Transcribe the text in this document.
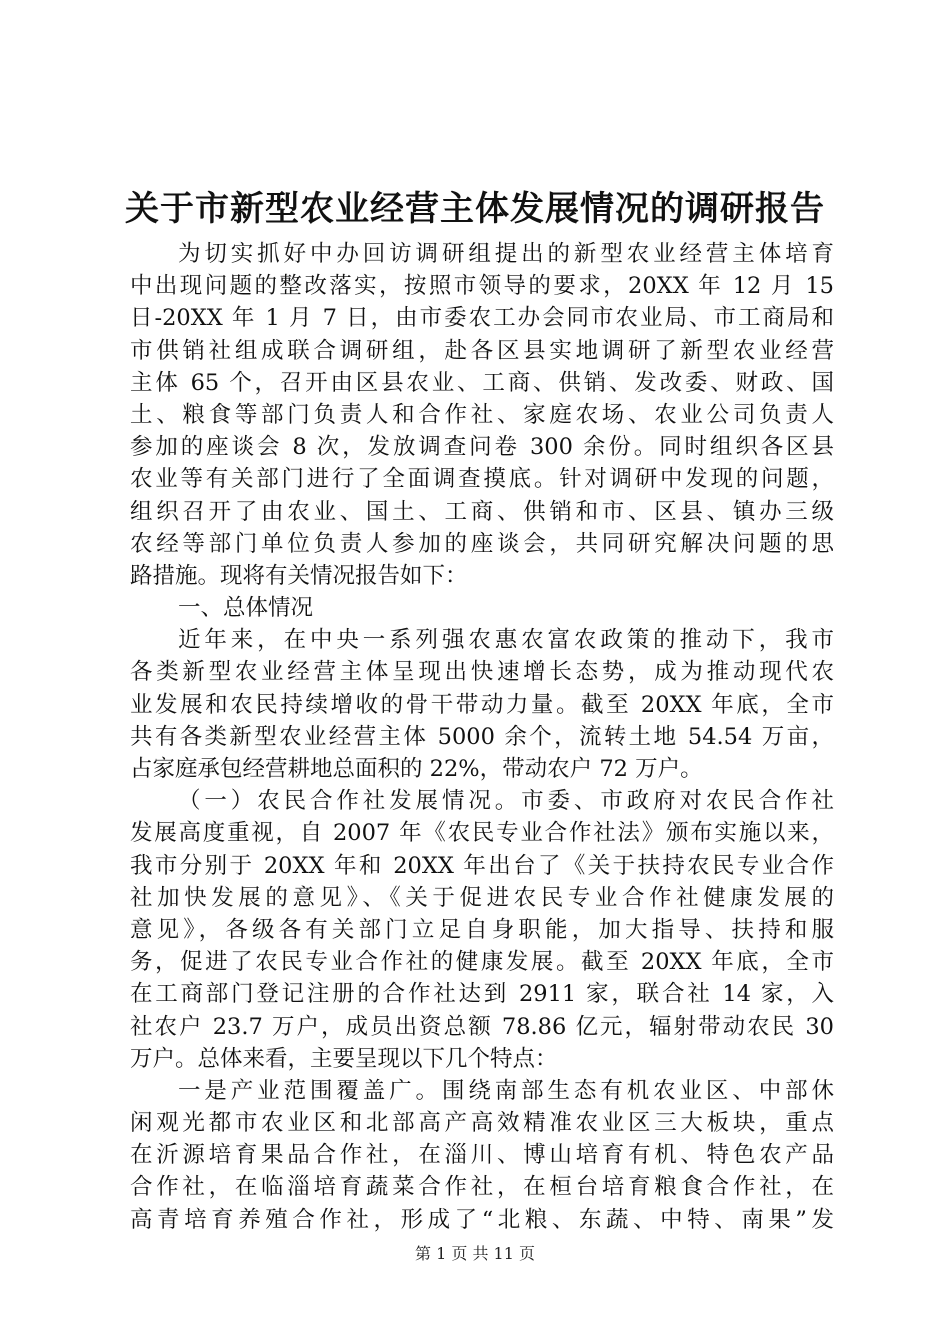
关于市新型农业经营主体发展情况的调研报告
为切实抓好中办回访调研组提出的新型农业经营主体培育
中出现问题的整改落实，按照市领导的要求，20XX 年 12 月 15
日-20XX 年 1 月 7 日，由市委农工办会同市农业局、市工商局和
市供销社组成联合调研组，赴各区县实地调研了新型农业经营
主体 65 个，召开由区县农业、工商、供销、发改委、财政、国
土、粮食等部门负责人和合作社、家庭农场、农业公司负责人
参加的座谈会 8 次，发放调查问卷 300 余份。同时组织各区县
农业等有关部门进行了全面调查摸底。针对调研中发现的问题，
组织召开了由农业、国土、工商、供销和市、区县、镇办三级
农经等部门单位负责人参加的座谈会，共同研究解决问题的思
路措施。现将有关情况报告如下：
一、总体情况
近年来，在中央一系列强农惠农富农政策的推动下，我市
各类新型农业经营主体呈现出快速增长态势，成为推动现代农
业发展和农民持续增收的骨干带动力量。截至 20XX 年底，全市
共有各类新型农业经营主体 5000 余个，流转土地 54.54 万亩，
占家庭承包经营耕地总面积的 22%，带动农户 72 万户。
（一）农民合作社发展情况。市委、市政府对农民合作社
发展高度重视，自 2007 年《农民专业合作社法》颁布实施以来，
我市分别于 20XX 年和 20XX 年出台了《关于扶持农民专业合作
社加快发展的意见》、《关于促进农民专业合作社健康发展的
意见》，各级各有关部门立足自身职能，加大指导、扶持和服
务，促进了农民专业合作社的健康发展。截至 20XX 年底，全市
在工商部门登记注册的合作社达到 2911 家，联合社 14 家，入
社农户 23.7 万户，成员出资总额 78.86 亿元，辐射带动农民 30
万户。总体来看，主要呈现以下几个特点：
一是产业范围覆盖广。围绕南部生态有机农业区、中部休
闲观光都市农业区和北部高产高效精准农业区三大板块，重点
在沂源培育果品合作社，在淄川、博山培育有机、特色农产品
合作社，在临淄培育蔬菜合作社，在桓台培育粮食合作社，在
高青培育养殖合作社，形成了“北粮、东蔬、中特、南果”发
第 1 页 共 11 页
